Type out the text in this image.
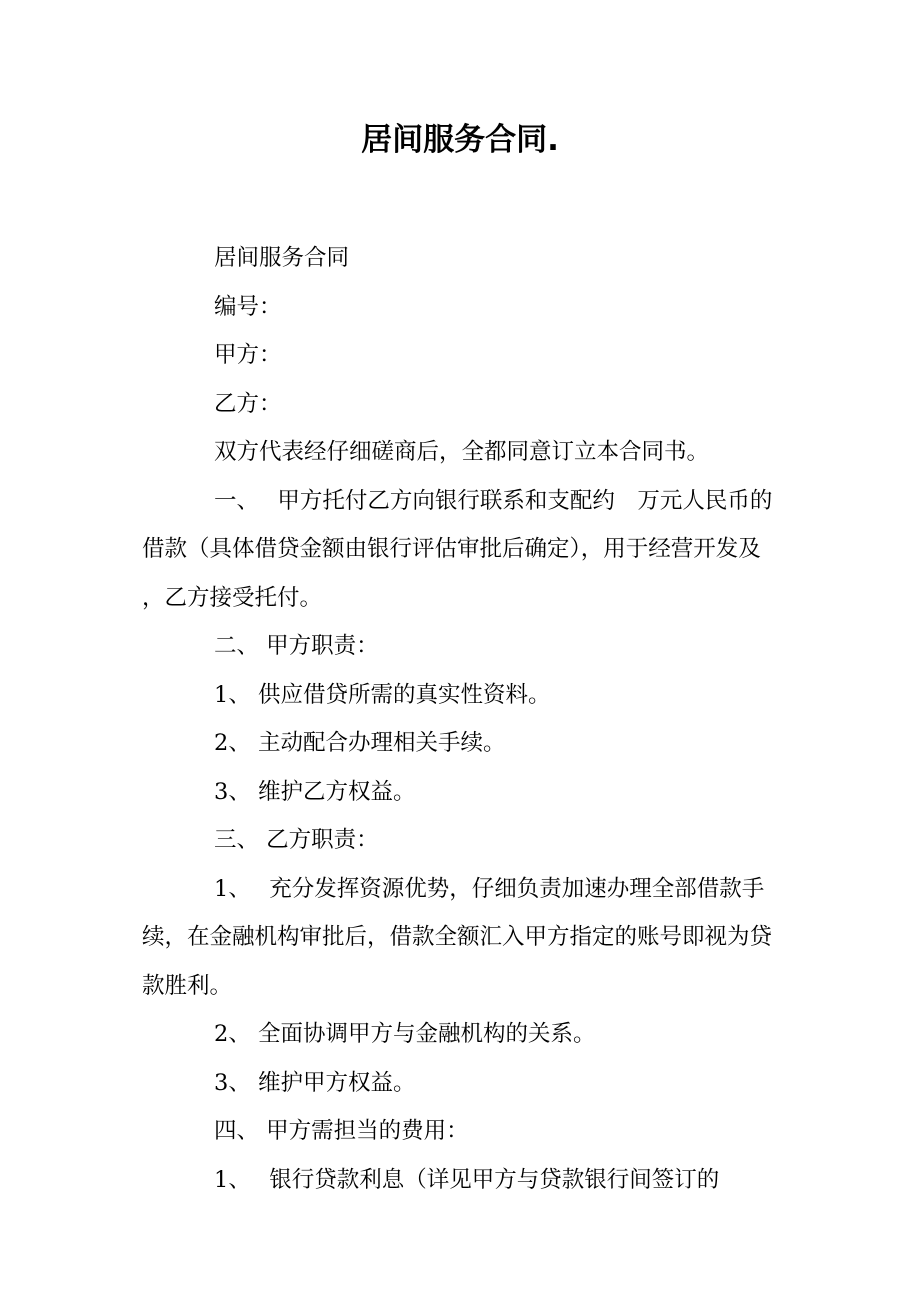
居间服务合同.

居间服务合同

编号：

甲方：

乙方：

双方代表经仔细磋商后，全都同意订立本合同书。

一、　 甲方托付乙方向银行联系和支配约　万元人民币的借款（具体借贷金额由银行评估审批后确定），用于经营开发及 ，乙方接受托付。

二、 甲方职责：

1、 供应借贷所需的真实性资料。

2、 主动配合办理相关手续。

3、 维护乙方权益。

三、 乙方职责：

1、　 充分发挥资源优势，仔细负责加速办理全部借款手续，在金融机构审批后，借款全额汇入甲方指定的账号即视为贷款胜利。

2、 全面协调甲方与金融机构的关系。

3、 维护甲方权益。

四、 甲方需担当的费用：

1、　 银行贷款利息（详见甲方与贷款银行间签订的
